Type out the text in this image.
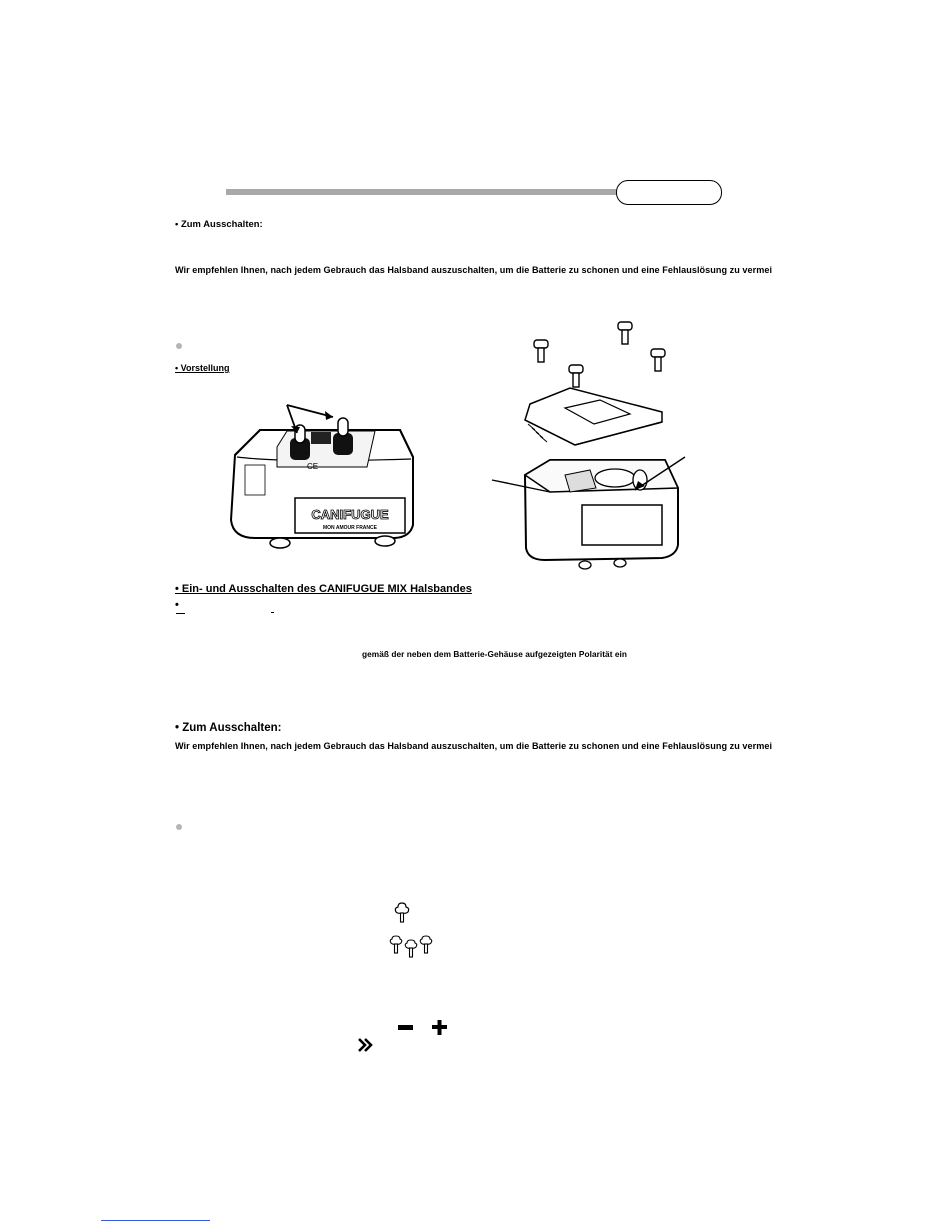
• Zum Ausschalten:
Wir empfehlen Ihnen, nach jedem Gebrauch das Halsband auszuschalten, um die Batterie zu schonen und eine Fehlauslösung zu vermei
• Vorstellung
CANIFUGUE
MON AMOUR FRANCE
CE
• Ein- und Ausschalten des CANIFUGUE MIX Halsbandes
•
gemäß der neben dem Batterie-Gehäuse aufgezeigten Polarität ein
• Zum Ausschalten:
Wir empfehlen Ihnen, nach jedem Gebrauch das Halsband auszuschalten, um die Batterie zu schonen und eine Fehlauslösung zu vermei
